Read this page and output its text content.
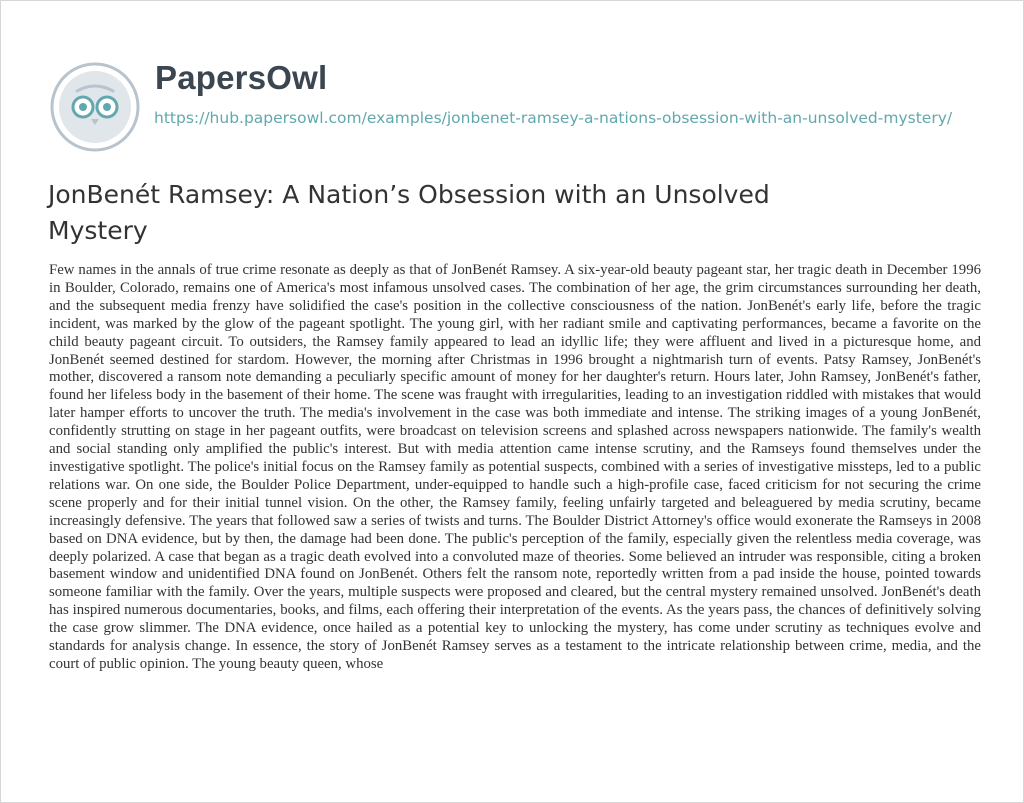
PapersOwl
https://hub.papersowl.com/examples/jonbenet-ramsey-a-nations-obsession-with-an-unsolved-mystery/
JonBenét Ramsey: A Nation’s Obsession with an Unsolved Mystery

Few names in the annals of true crime resonate as deeply as that of JonBenét Ramsey. A six-year-old beauty pageant star, her tragic death in December 1996 in Boulder, Colorado, remains one of America's most infamous unsolved cases. The combination of her age, the grim circumstances surrounding her death, and the subsequent media frenzy have solidified the case's position in the collective consciousness of the nation. JonBenét's early life, before the tragic incident, was marked by the glow of the pageant spotlight. The young girl, with her radiant smile and captivating performances, became a favorite on the child beauty pageant circuit. To outsiders, the Ramsey family appeared to lead an idyllic life; they were affluent and lived in a picturesque home, and JonBenét seemed destined for stardom. However, the morning after Christmas in 1996 brought a nightmarish turn of events. Patsy Ramsey, JonBenét's mother, discovered a ransom note demanding a peculiarly specific amount of money for her daughter's return. Hours later, John Ramsey, JonBenét's father, found her lifeless body in the basement of their home. The scene was fraught with irregularities, leading to an investigation riddled with mistakes that would later hamper efforts to uncover the truth. The media's involvement in the case was both immediate and intense. The striking images of a young JonBenét, confidently strutting on stage in her pageant outfits, were broadcast on television screens and splashed across newspapers nationwide. The family's wealth and social standing only amplified the public's interest. But with media attention came intense scrutiny, and the Ramseys found themselves under the investigative spotlight. The police's initial focus on the Ramsey family as potential suspects, combined with a series of investigative missteps, led to a public relations war. On one side, the Boulder Police Department, under-equipped to handle such a high-profile case, faced criticism for not securing the crime scene properly and for their initial tunnel vision. On the other, the Ramsey family, feeling unfairly targeted and beleaguered by media scrutiny, became increasingly defensive. The years that followed saw a series of twists and turns. The Boulder District Attorney's office would exonerate the Ramseys in 2008 based on DNA evidence, but by then, the damage had been done. The public's perception of the family, especially given the relentless media coverage, was deeply polarized. A case that began as a tragic death evolved into a convoluted maze of theories. Some believed an intruder was responsible, citing a broken basement window and unidentified DNA found on JonBenét. Others felt the ransom note, reportedly written from a pad inside the house, pointed towards someone familiar with the family. Over the years, multiple suspects were proposed and cleared, but the central mystery remained unsolved. JonBenét's death has inspired numerous documentaries, books, and films, each offering their interpretation of the events. As the years pass, the chances of definitively solving the case grow slimmer. The DNA evidence, once hailed as a potential key to unlocking the mystery, has come under scrutiny as techniques evolve and standards for analysis change. In essence, the story of JonBenét Ramsey serves as a testament to the intricate relationship between crime, media, and the court of public opinion. The young beauty queen, whose
